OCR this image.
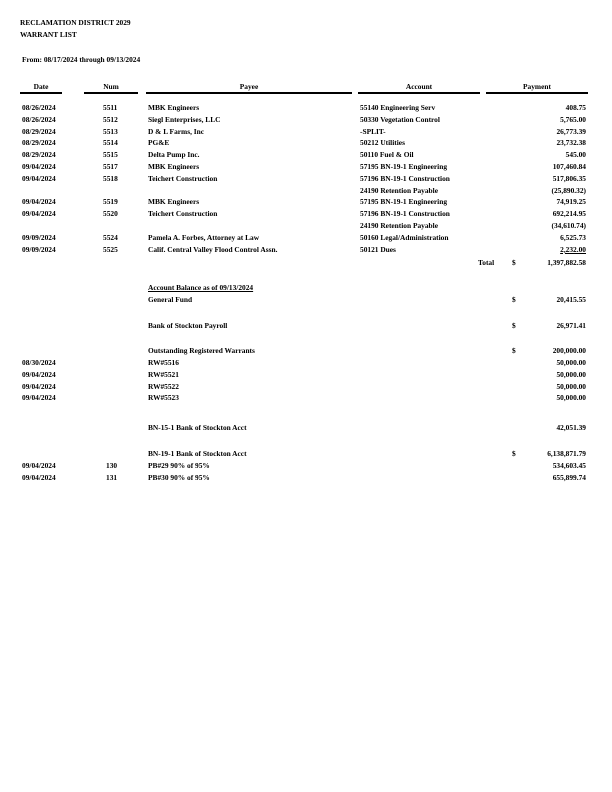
RECLAMATION DISTRICT 2029
WARRANT LIST
From: 08/17/2024 through 09/13/2024
Date	Num	Payee	Account	Payment
08/26/2024	5511	MBK Engineers	55140 Engineering Serv	408.75
08/26/2024	5512	Siegl Enterprises, LLC	50330 Vegetation Control	5,765.00
08/29/2024	5513	D & L Farms, Inc	-SPLIT-	26,773.39
08/29/2024	5514	PG&E	50212 Utilities	23,732.38
08/29/2024	5515	Delta Pump Inc.	50110 Fuel & Oil	545.00
09/04/2024	5517	MBK Engineers	57195 BN-19-1 Engineering	107,460.84
09/04/2024	5518	Teichert Construction	57196 BN-19-1 Construction	517,806.35
24190 Retention Payable	(25,890.32)
09/04/2024	5519	MBK Engineers	57195 BN-19-1 Engineering	74,919.25
09/04/2024	5520	Teichert Construction	57196 BN-19-1 Construction	692,214.95
24190 Retention Payable	(34,610.74)
09/09/2024	5524	Pamela A. Forbes, Attorney at Law	50160 Legal/Administration	6,525.73
09/09/2024	5525	Calif. Central Valley Flood Control Assn.	50121 Dues	2,232.00
Total $	1,397,882.58
Account Balance as of 09/13/2024
General Fund	$	20,415.55
Bank of Stockton Payroll	$	26,971.41
Outstanding Registered Warrants	$	200,000.00
08/30/2024	RW#5516	50,000.00
09/04/2024	RW#5521	50,000.00
09/04/2024	RW#5522	50,000.00
09/04/2024	RW#5523	50,000.00
BN-15-1 Bank of Stockton Acct	42,051.39
BN-19-1 Bank of Stockton Acct	$	6,138,871.79
09/04/2024	130	PB#29 90% of 95%	534,603.45
09/04/2024	131	PB#30 90% of 95%	655,899.74
